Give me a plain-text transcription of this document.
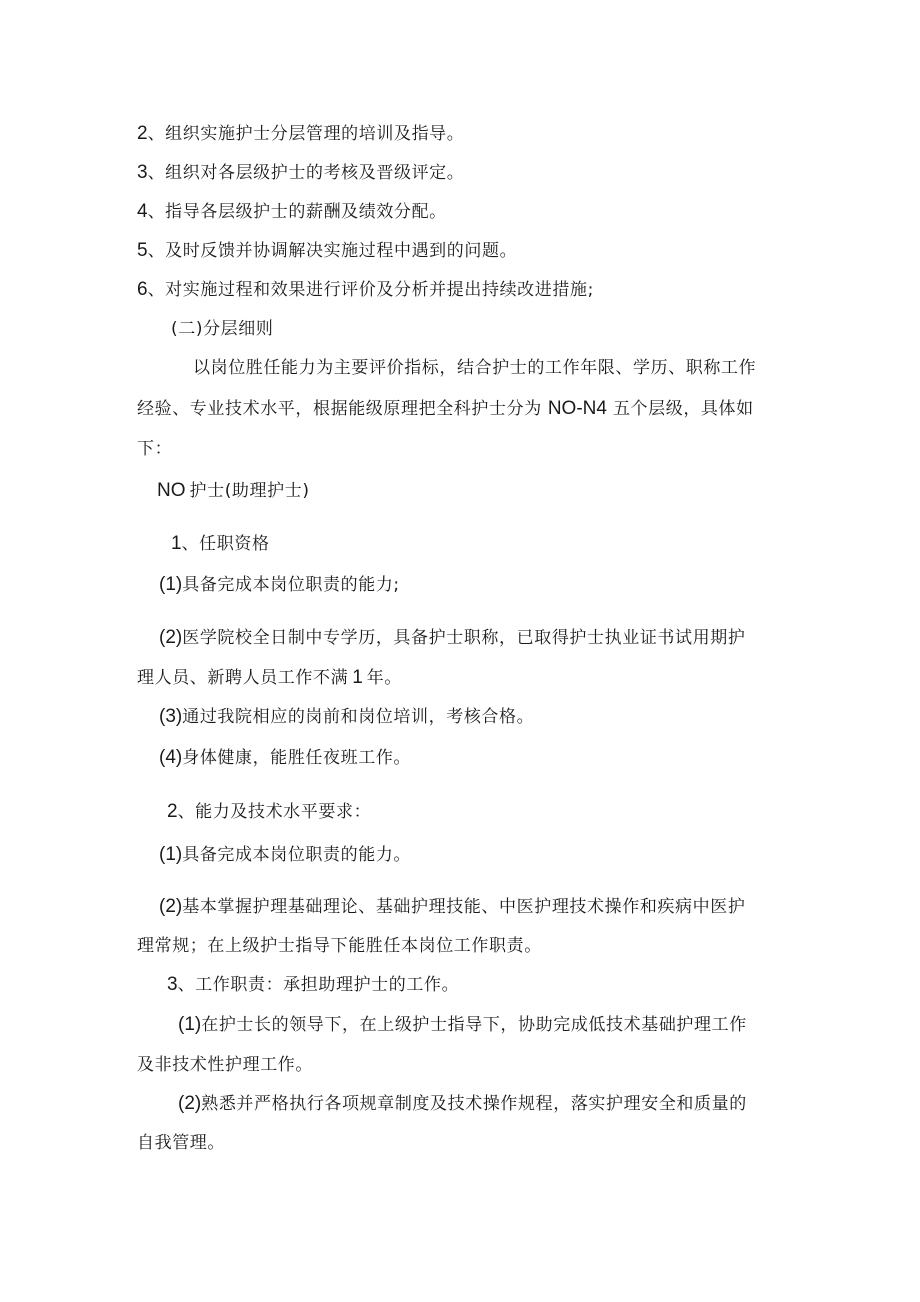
2、组织实施护士分层管理的培训及指导。
3、组织对各层级护士的考核及晋级评定。
4、指导各层级护士的薪酬及绩效分配。
5、及时反馈并协调解决实施过程中遇到的问题。
6、对实施过程和效果进行评价及分析并提出持续改进措施;
(二)分层细则
以岗位胜任能力为主要评价指标，结合护士的工作年限、学历、职称工作
经验、专业技术水平，根据能级原理把全科护士分为 NO-N4 五个层级，具体如
下：
NO 护士(助理护士)
1、任职资格
(1)具备完成本岗位职责的能力;
(2)医学院校全日制中专学历，具备护士职称，已取得护士执业证书试用期护
理人员、新聘人员工作不满 1 年。
(3)通过我院相应的岗前和岗位培训，考核合格。
(4)身体健康，能胜任夜班工作。
2、能力及技术水平要求：
(1)具备完成本岗位职责的能力。
(2)基本掌握护理基础理论、基础护理技能、中医护理技术操作和疾病中医护
理常规；在上级护士指导下能胜任本岗位工作职责。
3、工作职责：承担助理护士的工作。
(1)在护士长的领导下，在上级护士指导下，协助完成低技术基础护理工作
及非技术性护理工作。
(2)熟悉并严格执行各项规章制度及技术操作规程，落实护理安全和质量的
自我管理。
